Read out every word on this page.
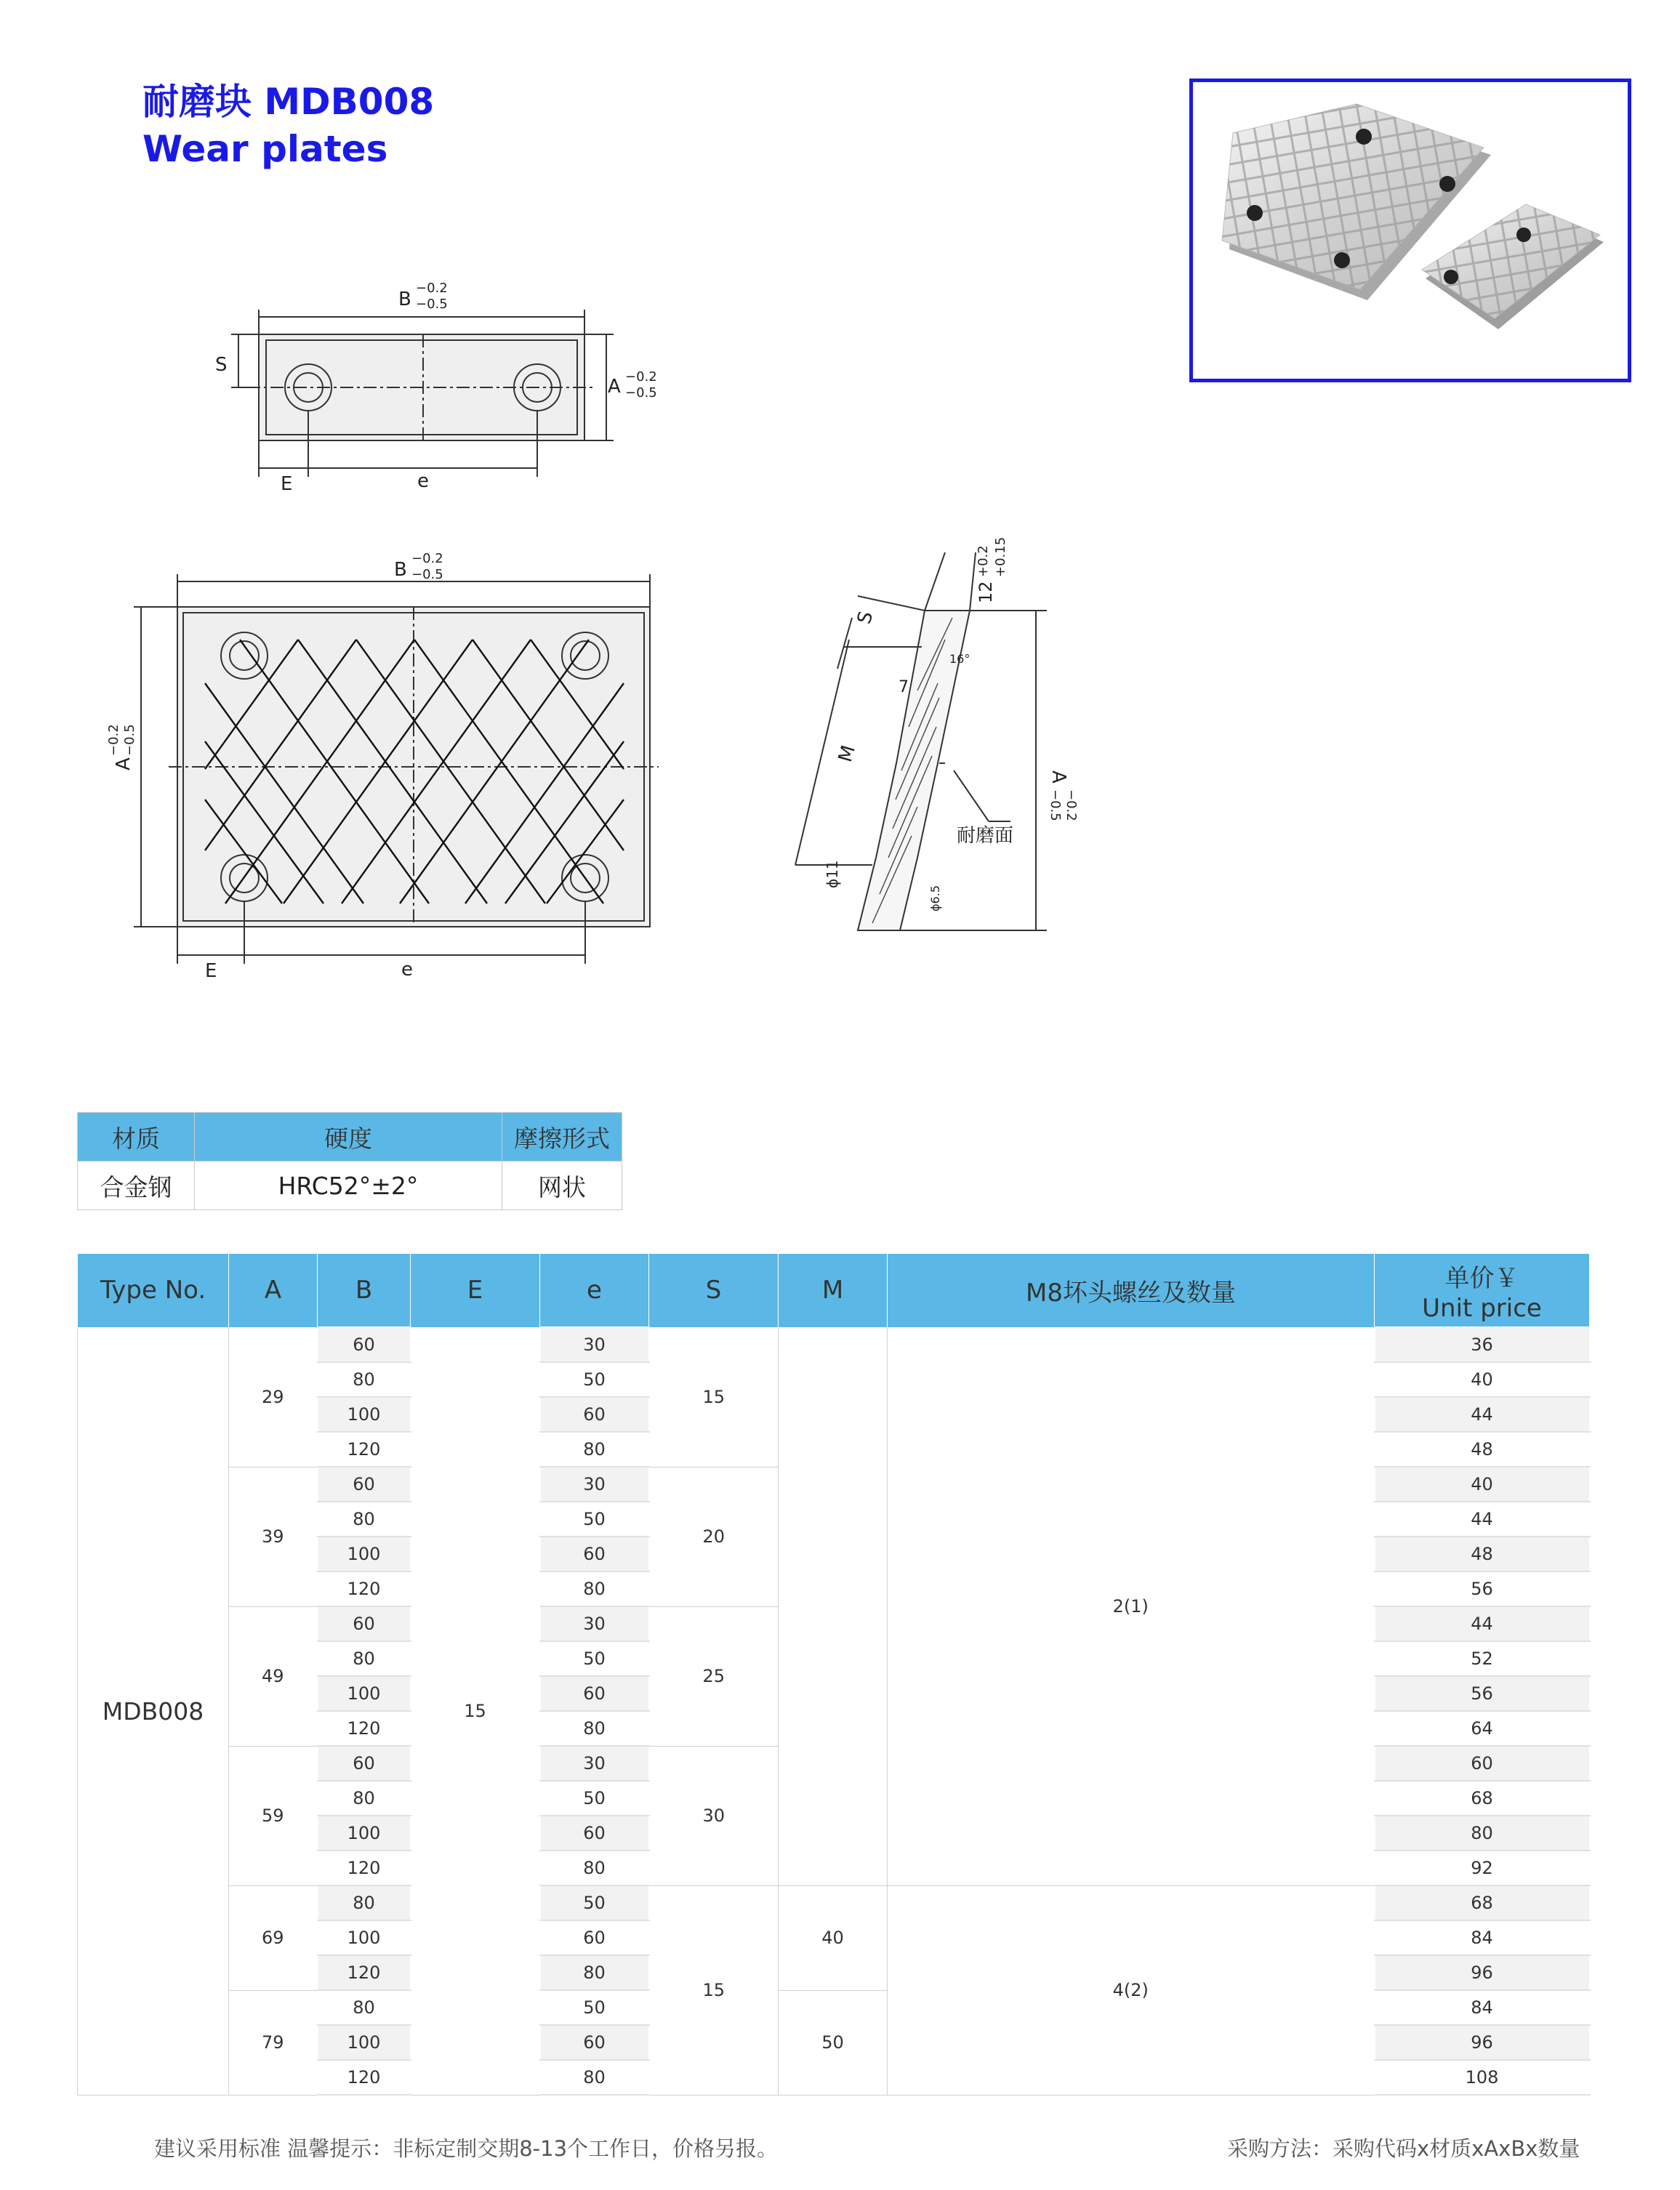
耐磨块 MDB008
Wear plates
B
−0.2
−0.5
S
A −0.2
−0.5
E	e
B
−0.2
−0.5
A
−0.2 −0.5
E	e
S
M
12
+0.2 +0.15
16°
7
ϕ11
ϕ6.5
A
−0.2
−0.5
耐磨面
材质	硬度	摩擦形式
合金钢	HRC52°±2°	网状
Type No.	A	B	E	e	S	M	M8坏头螺丝及数量	单价￥
Unit price

MDB008	29	60	15	30	15		2(1)	36
		80		50				40
		100		60				44
		120		80				48
	39	60		30	20			40
		80		50				44
		100		60				48
		120		80				56
	49	60		30	25			44
		80		50				52
		100		60				56
		120		80				64
	59	60		30	30			60
		80		50				68
		100		60				80
		120		80				92
	69	80		50	15	40	4(2)	68
		100		60				84
		120		80				96
	79	80		50		50		84
		100		60				96
		120		80				108
建议采用标准 温馨提示：非标定制交期8-13个工作日，价格另报。	采购方法：采购代码x材质xAxBx数量
